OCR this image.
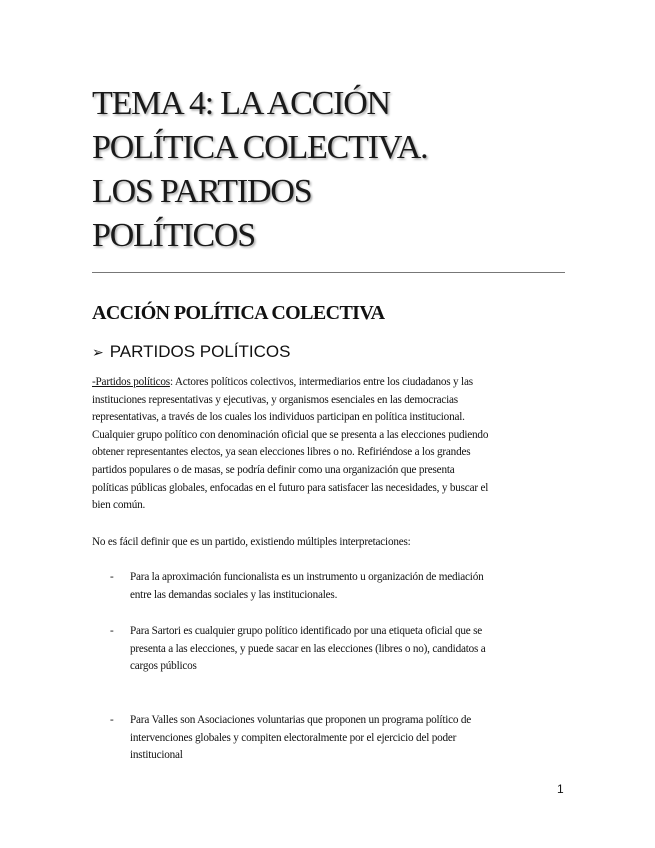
TEMA 4: LA ACCIÓN
POLÍTICA COLECTIVA.
LOS PARTIDOS
POLÍTICOS
ACCIÓN POLÍTICA COLECTIVA
➢ PARTIDOS POLÍTICOS
-Partidos políticos: Actores políticos colectivos, intermediarios entre los ciudadanos y las
instituciones representativas y ejecutivas, y organismos esenciales en las democracias
representativas, a través de los cuales los individuos participan en política institucional.
Cualquier grupo político con denominación oficial que se presenta a las elecciones pudiendo
obtener representantes electos, ya sean elecciones libres o no. Refiriéndose a los grandes
partidos populares o de masas, se podría definir como una organización que presenta
políticas públicas globales, enfocadas en el futuro para satisfacer las necesidades, y buscar el
bien común.
No es fácil definir que es un partido, existiendo múltiples interpretaciones:
- Para la aproximación funcionalista es un instrumento u organización de mediación
entre las demandas sociales y las institucionales.
- Para Sartori es cualquier grupo político identificado por una etiqueta oficial que se
presenta a las elecciones, y puede sacar en las elecciones (libres o no), candidatos a
cargos públicos
- Para Valles son Asociaciones voluntarias que proponen un programa político de
intervenciones globales y compiten electoralmente por el ejercicio del poder
institucional
1
